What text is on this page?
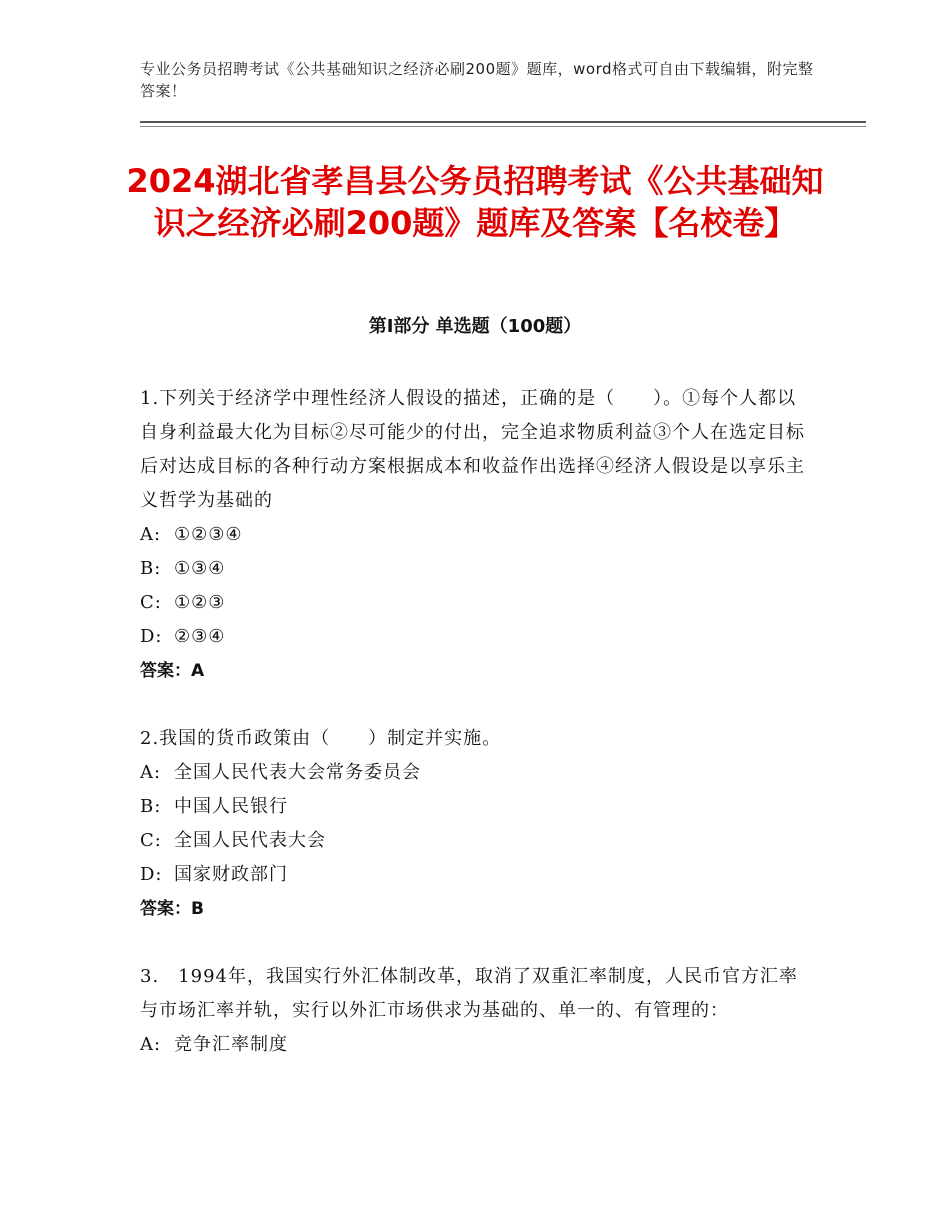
专业公务员招聘考试《公共基础知识之经济必刷200题》题库，word格式可自由下载编辑，附完整答案！
2024湖北省孝昌县公务员招聘考试《公共基础知识之经济必刷200题》题库及答案【名校卷】
第Ⅰ部分 单选题（100题）

1.下列关于经济学中理性经济人假设的描述，正确的是（　　）。①每个人都以自身利益最大化为目标②尽可能少的付出，完全追求物质利益③个人在选定目标后对达成目标的各种行动方案根据成本和收益作出选择④经济人假设是以享乐主义哲学为基础的

A: ①②③④
B: ①③④
C: ①②③
D: ②③④

答案：A

2.我国的货币政策由（　　）制定并实施。

A: 全国人民代表大会常务委员会
B: 中国人民银行
C: 全国人民代表大会
D: 国家财政部门

答案：B

3.　1994年，我国实行外汇体制改革，取消了双重汇率制度，人民币官方汇率与市场汇率并轨，实行以外汇市场供求为基础的、单一的、有管理的：

A: 竞争汇率制度
